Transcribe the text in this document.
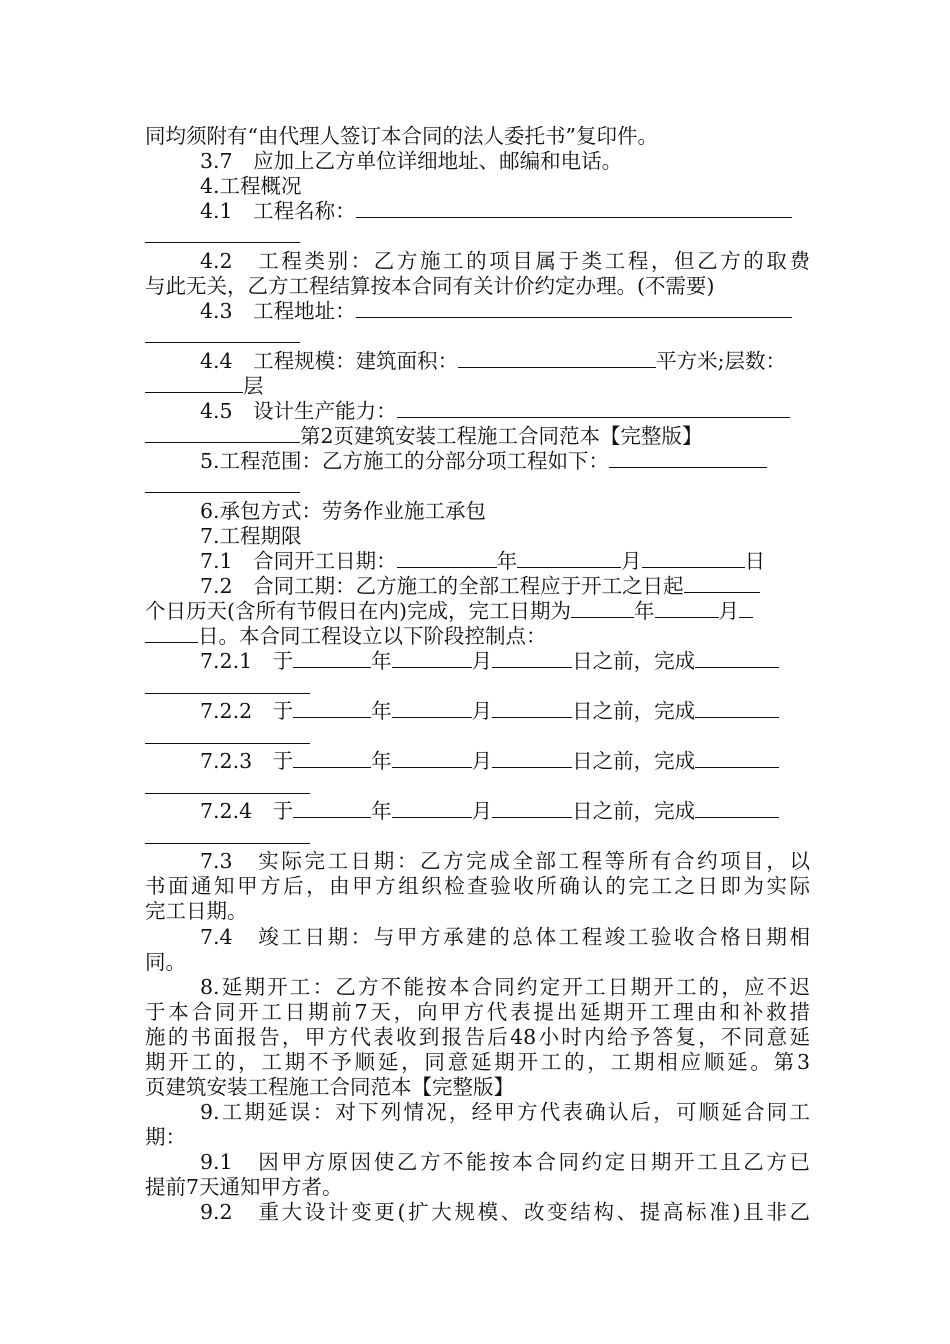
同均须附有“由代理人签订本合同的法人委托书”复印件。
3.7　应加上乙方单位详细地址、邮编和电话。
4.工程概况
4.1　工程名称：
4.2　工程类别：乙方施工的项目属于类工程，但乙方的取费
与此无关，乙方工程结算按本合同有关计价约定办理。(不需要)
4.3　工程地址：
4.4　工程规模：建筑面积：	平方米;层数：
层
4.5　设计生产能力：
第2页建筑安装工程施工合同范本【完整版】
5.工程范围：乙方施工的分部分项工程如下：
6.承包方式：劳务作业施工承包
7.工程期限
7.1　合同开工日期：	年	月	日
7.2　合同工期：乙方施工的全部工程应于开工之日起
个日历天(含所有节假日在内)完成，完工日期为	年	月
日。本合同工程设立以下阶段控制点：
7.2.1　于	年	月	日之前，完成
7.2.2　于	年	月	日之前，完成
7.2.3　于	年	月	日之前，完成
7.2.4　于	年	月	日之前，完成
7.3　实际完工日期：乙方完成全部工程等所有合约项目，以
书面通知甲方后，由甲方组织检查验收所确认的完工之日即为实际
完工日期。
7.4　竣工日期：与甲方承建的总体工程竣工验收合格日期相
同。
8.延期开工：乙方不能按本合同约定开工日期开工的，应不迟
于本合同开工日期前7天，向甲方代表提出延期开工理由和补救措
施的书面报告，甲方代表收到报告后48小时内给予答复，不同意延
期开工的，工期不予顺延，同意延期开工的，工期相应顺延。第3
页建筑安装工程施工合同范本【完整版】
9.工期延误：对下列情况，经甲方代表确认后，可顺延合同工
期：
9.1　因甲方原因使乙方不能按本合同约定日期开工且乙方已
提前7天通知甲方者。
9.2　重大设计变更(扩大规模、改变结构、提高标准)且非乙
